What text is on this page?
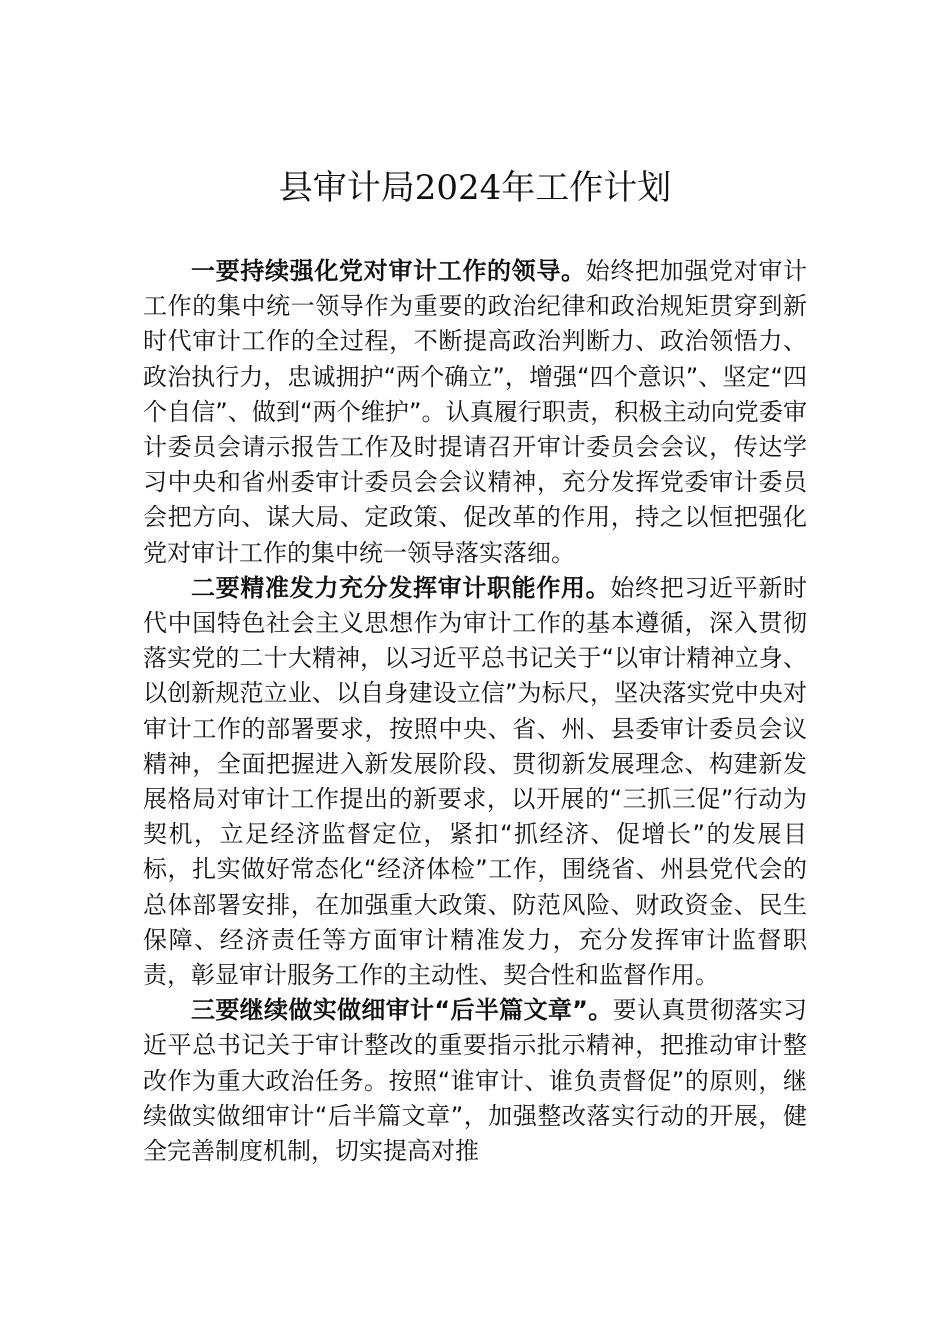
县审计局2024年工作计划

一要持续强化党对审计工作的领导。始终把加强党对审计工作的集中统一领导作为重要的政治纪律和政治规矩贯穿到新时代审计工作的全过程，不断提高政治判断力、政治领悟力、政治执行力，忠诚拥护“两个确立”，增强“四个意识”、坚定“四个自信”、做到“两个维护”。认真履行职责，积极主动向党委审计委员会请示报告工作及时提请召开审计委员会会议，传达学习中央和省州委审计委员会会议精神，充分发挥党委审计委员会把方向、谋大局、定政策、促改革的作用，持之以恒把强化党对审计工作的集中统一领导落实落细。

二要精准发力充分发挥审计职能作用。始终把习近平新时代中国特色社会主义思想作为审计工作的基本遵循，深入贯彻落实党的二十大精神，以习近平总书记关于“以审计精神立身、以创新规范立业、以自身建设立信”为标尺，坚决落实党中央对审计工作的部署要求，按照中央、省、州、县委审计委员会议精神，全面把握进入新发展阶段、贯彻新发展理念、构建新发展格局对审计工作提出的新要求，以开展的“三抓三促”行动为契机，立足经济监督定位，紧扣“抓经济、促增长”的发展目标，扎实做好常态化“经济体检”工作，围绕省、州县党代会的总体部署安排，在加强重大政策、防范风险、财政资金、民生保障、经济责任等方面审计精准发力，充分发挥审计监督职责，彰显审计服务工作的主动性、契合性和监督作用。

三要继续做实做细审计“后半篇文章”。要认真贯彻落实习近平总书记关于审计整改的重要指示批示精神，把推动审计整改作为重大政治任务。按照“谁审计、谁负责督促”的原则，继续做实做细审计“后半篇文章”，加强整改落实行动的开展，健全完善制度机制，切实提高对推
